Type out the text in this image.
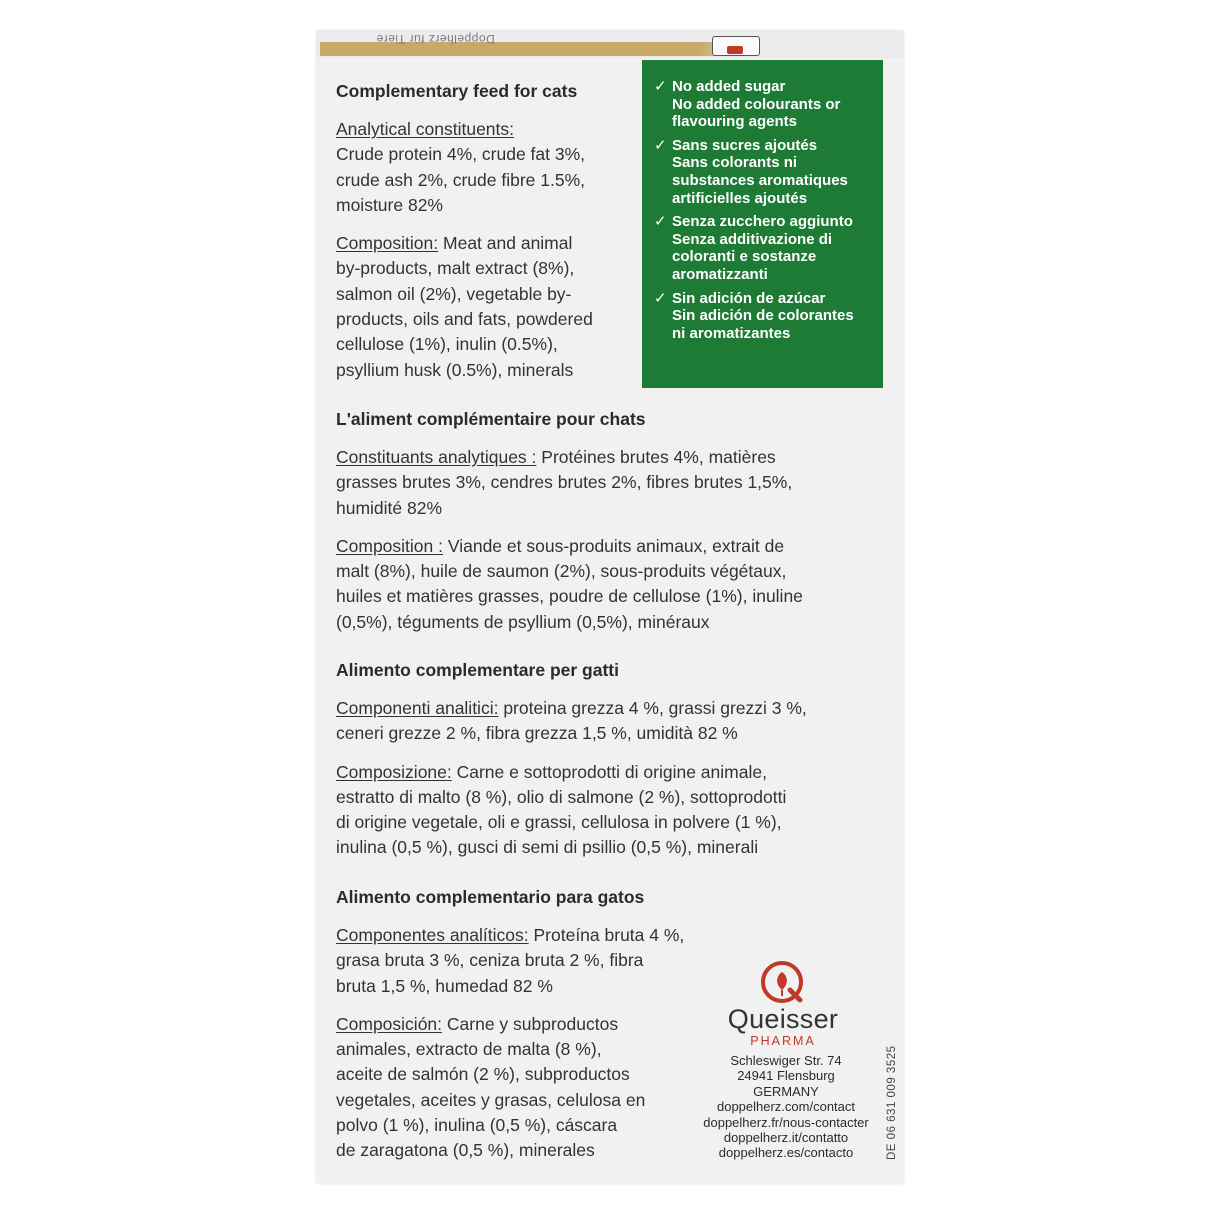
Doppelherz für Tiere
✓ No added sugar
No added colourants or
flavouring agents
✓ Sans sucres ajoutés
Sans colorants ni
substances aromatiques
artificielles ajoutés
✓ Senza zucchero aggiunto
Senza additivazione di
coloranti e sostanze
aromatizzanti
✓ Sin adición de azúcar
Sin adición de colorantes
ni aromatizantes
Complementary feed for cats
Analytical constituents:
Crude protein 4%, crude fat 3%,
crude ash 2%, crude fibre 1.5%,
moisture 82%
Composition: Meat and animal
by-products, malt extract (8%),
salmon oil (2%), vegetable by-
products, oils and fats, powdered
cellulose (1%), inulin (0.5%),
psyllium husk (0.5%), minerals
L'aliment complémentaire pour chats
Constituants analytiques : Protéines brutes 4%, matières
grasses brutes 3%, cendres brutes 2%, fibres brutes 1,5%,
humidité 82%
Composition : Viande et sous-produits animaux, extrait de
malt (8%), huile de saumon (2%), sous-produits végétaux,
huiles et matières grasses, poudre de cellulose (1%), inuline
(0,5%), téguments de psyllium (0,5%), minéraux
Alimento complementare per gatti
Componenti analitici: proteina grezza 4 %, grassi grezzi 3 %,
ceneri grezze 2 %, fibra grezza 1,5 %, umidità 82 %
Composizione: Carne e sottoprodotti di origine animale,
estratto di malto (8 %), olio di salmone (2 %), sottoprodotti
di origine vegetale, oli e grassi, cellulosa in polvere (1 %),
inulina (0,5 %), gusci di semi di psillio (0,5 %), minerali
Alimento complementario para gatos
Componentes analíticos: Proteína bruta 4 %,
grasa bruta 3 %, ceniza bruta 2 %, fibra
bruta 1,5 %, humedad 82 %
Composición: Carne y subproductos
animales, extracto de malta (8 %),
aceite de salmón (2 %), subproductos
vegetales, aceites y grasas, celulosa en
polvo (1 %), inulina (0,5 %), cáscara
de zaragatona (0,5 %), minerales
Queisser
PHARMA
Schleswiger Str. 74
24941 Flensburg
GERMANY
doppelherz.com/contact
doppelherz.fr/nous-contacter
doppelherz.it/contatto
doppelherz.es/contacto	DE 06 631 009 3525
